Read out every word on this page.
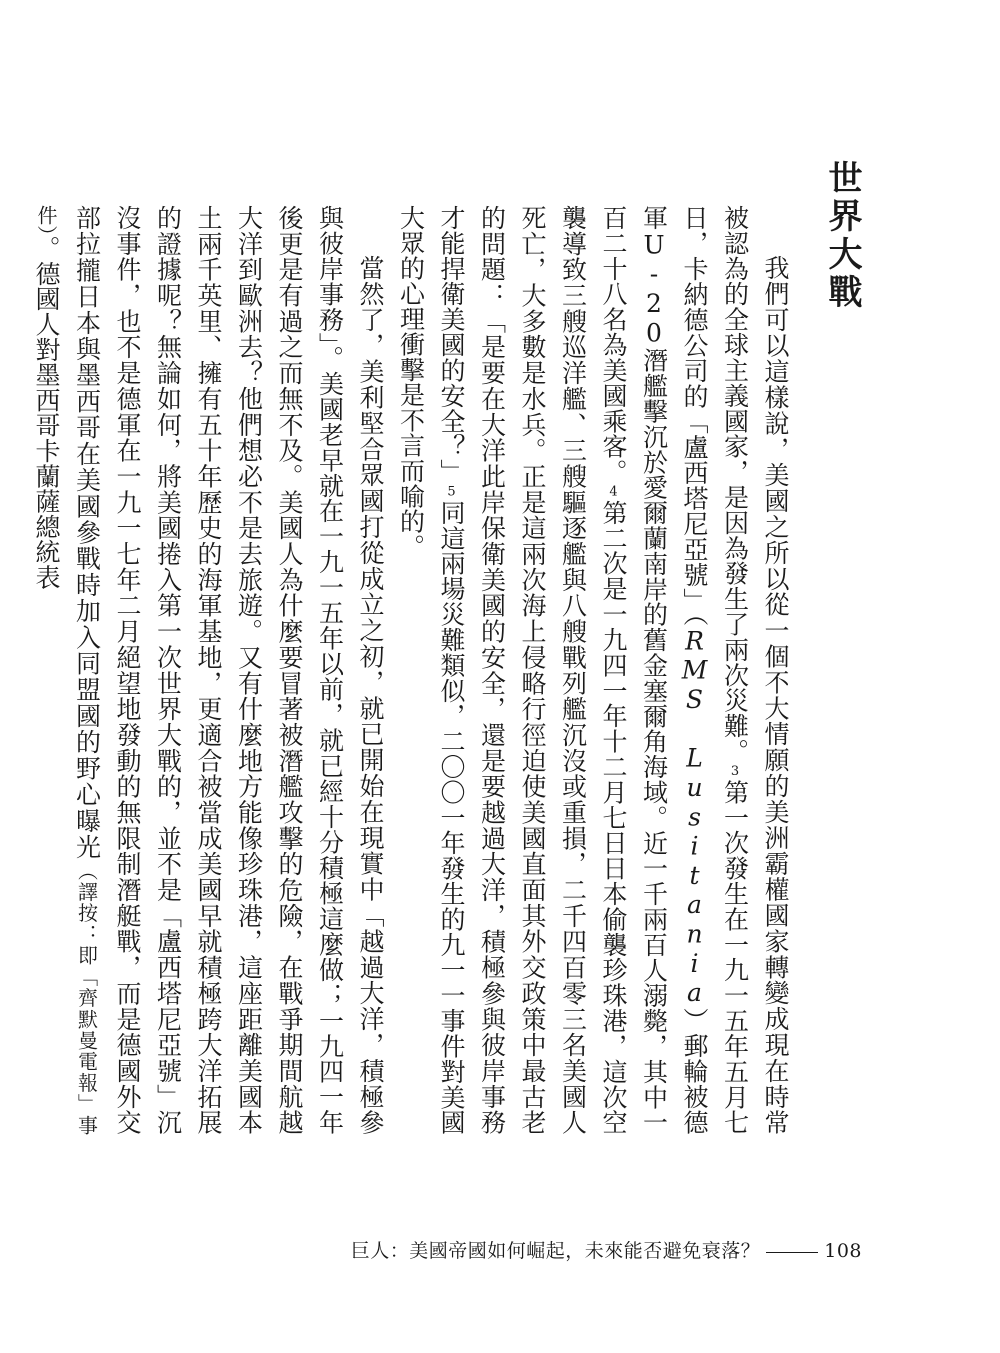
世界大戰

我們可以這樣說，美國之所以從一個不大情願的美洲霸權國家轉變成現在時常被認為的全球主義國家，是因為發生了兩次災難。3第一次發生在一九一五年五月七日，卡納德公司的「盧西塔尼亞號」（RMS Lusitania）郵輪被德軍U-20潛艦擊沉於愛爾蘭南岸的舊金塞爾角海域。近一千兩百人溺斃，其中一百二十八名為美國乘客。4第二次是一九四一年十二月七日日本偷襲珍珠港，這次空襲導致三艘巡洋艦、三艘驅逐艦與八艘戰列艦沉沒或重損，二千四百零三名美國人死亡，大多數是水兵。正是這兩次海上侵略行徑迫使美國直面其外交政策中最古老的問題：「是要在大洋此岸保衛美國的安全，還是要越過大洋，積極參與彼岸事務才能捍衛美國的安全？」5同這兩場災難類似，二〇〇一年發生的九一一事件對美國大眾的心理衝擊是不言而喻的。

當然了，美利堅合眾國打從成立之初，就已開始在現實中「越過大洋，積極參與彼岸事務」。美國老早就在一九一五年以前，就已經十分積極這麼做；一九四一年後更是有過之而無不及。美國人為什麼要冒著被潛艦攻擊的危險，在戰爭期間航越大洋到歐洲去？他們想必不是去旅遊。又有什麼地方能像珍珠港，這座距離美國本土兩千英里、擁有五十年歷史的海軍基地，更適合被當成美國早就積極跨大洋拓展的證據呢？無論如何，將美國捲入第一次世界大戰的，並不是「盧西塔尼亞號」沉沒事件，也不是德軍在一九一七年二月絕望地發動的無限制潛艇戰，而是德國外交部拉攏日本與墨西哥在美國參戰時加入同盟國的野心曝光（譯按：即「齊默曼電報」事件）。德國人對墨西哥卡蘭薩總統表

巨人：美國帝國如何崛起，未來能否避免衰落？	108
